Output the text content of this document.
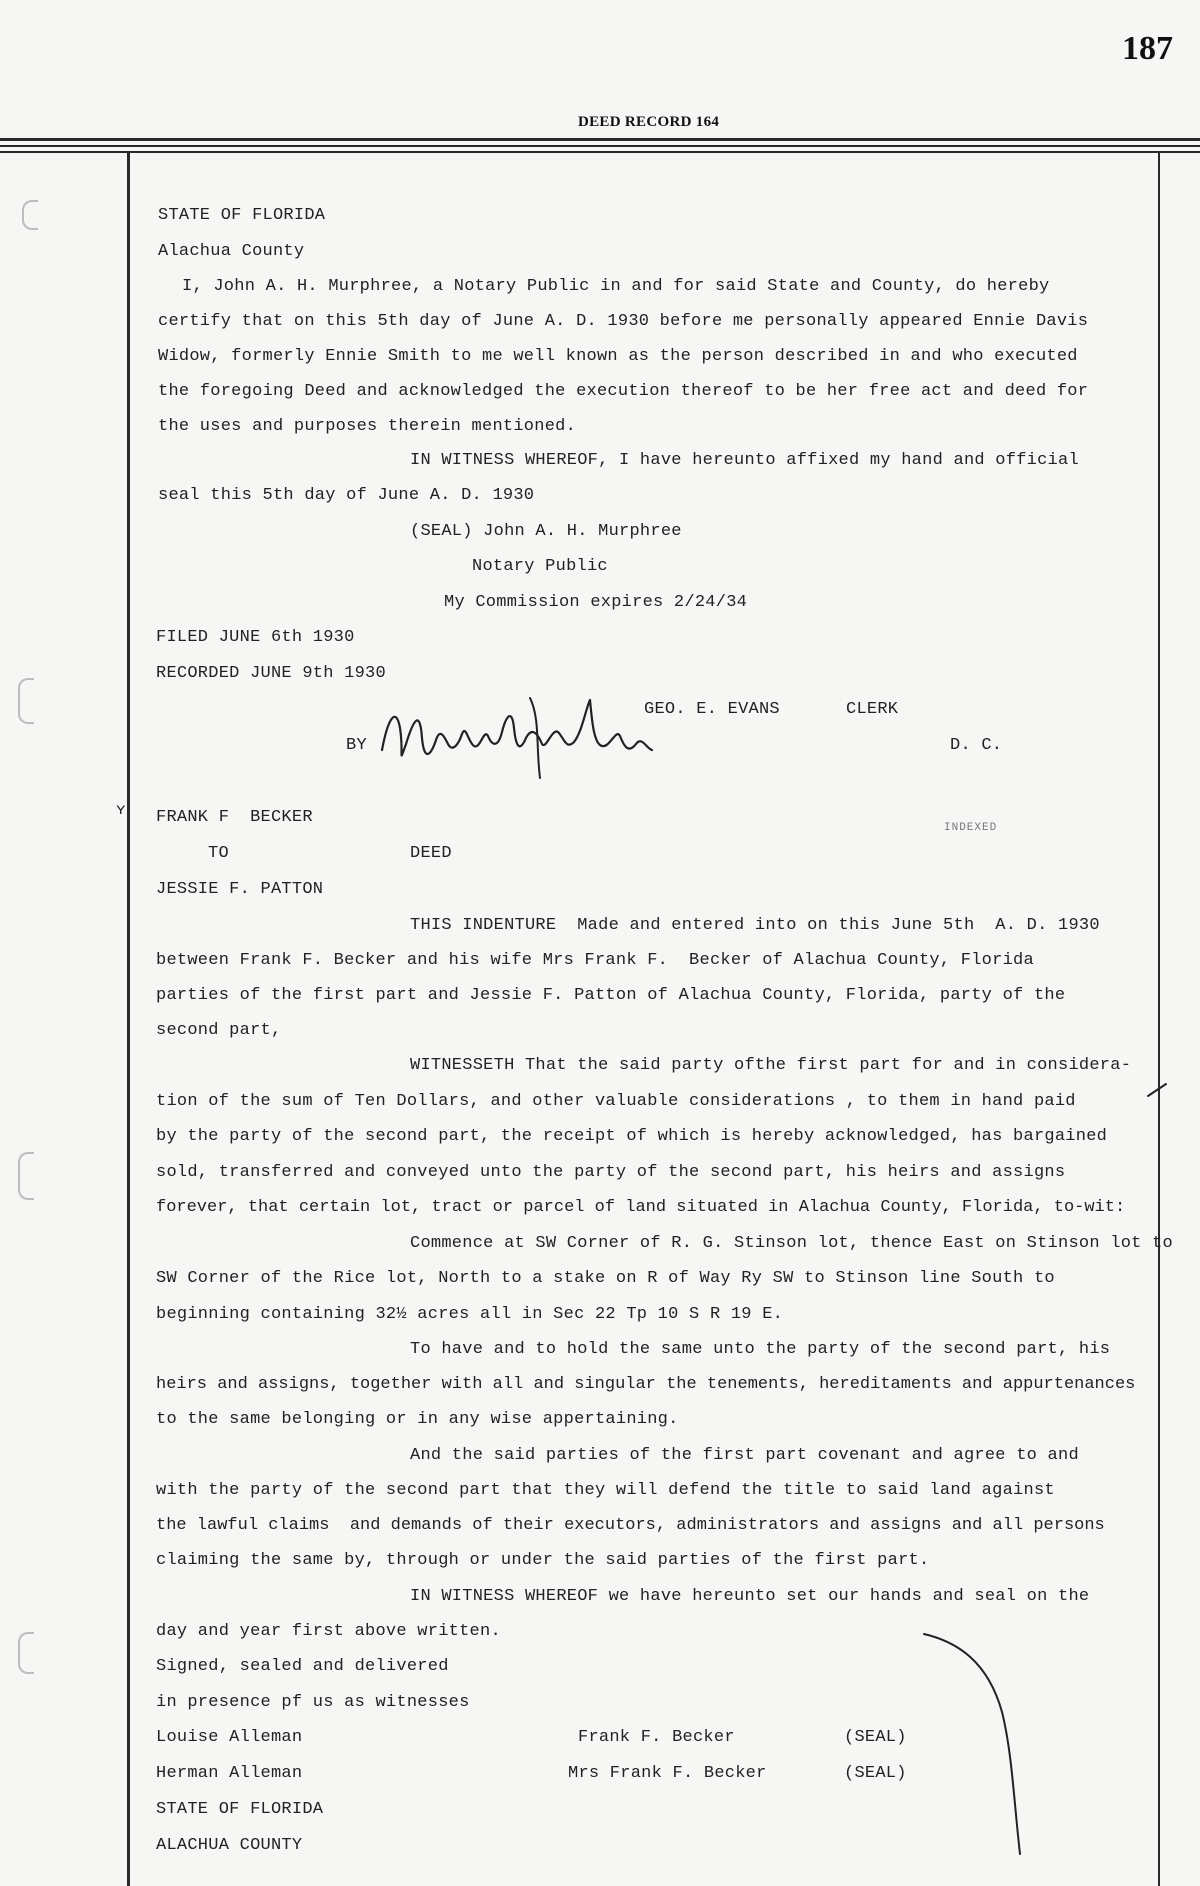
187
DEED RECORD 164
STATE OF FLORIDA
Alachua County
I, John A. H. Murphree, a Notary Public in and for said State and County, do hereby
certify that on this 5th day of June A. D. 1930 before me personally appeared Ennie Davis
Widow, formerly Ennie Smith to me well known as the person described in and who executed
the foregoing Deed and acknowledged the execution thereof to be her free act and deed for
the uses and purposes therein mentioned.
IN WITNESS WHEREOF, I have hereunto affixed my hand and official
seal this 5th day of June A. D. 1930
(SEAL) John A. H. Murphree
Notary Public
My Commission expires 2/24/34
FILED JUNE 6th 1930
RECORDED JUNE 9th 1930
GEO. E. EVANS	CLERK
BY	D. C.
ʏ FRANK F  BECKER
INDEXED
TO	DEED
JESSIE F. PATTON
THIS INDENTURE  Made and entered into on this June 5th  A. D. 1930
between Frank F. Becker and his wife Mrs Frank F.  Becker of Alachua County, Florida
parties of the first part and Jessie F. Patton of Alachua County, Florida, party of the
second part,
WITNESSETH That the said party ofthe first part for and in considera-
tion of the sum of Ten Dollars, and other valuable considerations , to them in hand paid
by the party of the second part, the receipt of which is hereby acknowledged, has bargained
sold, transferred and conveyed unto the party of the second part, his heirs and assigns
forever, that certain lot, tract or parcel of land situated in Alachua County, Florida, to-wit:
Commence at SW Corner of R. G. Stinson lot, thence East on Stinson lot to
SW Corner of the Rice lot, North to a stake on R of Way Ry SW to Stinson line South to
beginning containing 32½ acres all in Sec 22 Tp 10 S R 19 E.
To have and to hold the same unto the party of the second part, his
heirs and assigns, together with all and singular the tenements, hereditaments and appurtenances
to the same belonging or in any wise appertaining.
And the said parties of the first part covenant and agree to and
with the party of the second part that they will defend the title to said land against
the lawful claims  and demands of their executors, administrators and assigns and all persons
claiming the same by, through or under the said parties of the first part.
IN WITNESS WHEREOF we have hereunto set our hands and seal on the
day and year first above written.
Signed, sealed and delivered
in presence pf us as witnesses
Louise Alleman	Frank F. Becker	(SEAL)
Herman Alleman	Mrs Frank F. Becker	(SEAL)
STATE OF FLORIDA
ALACHUA COUNTY
